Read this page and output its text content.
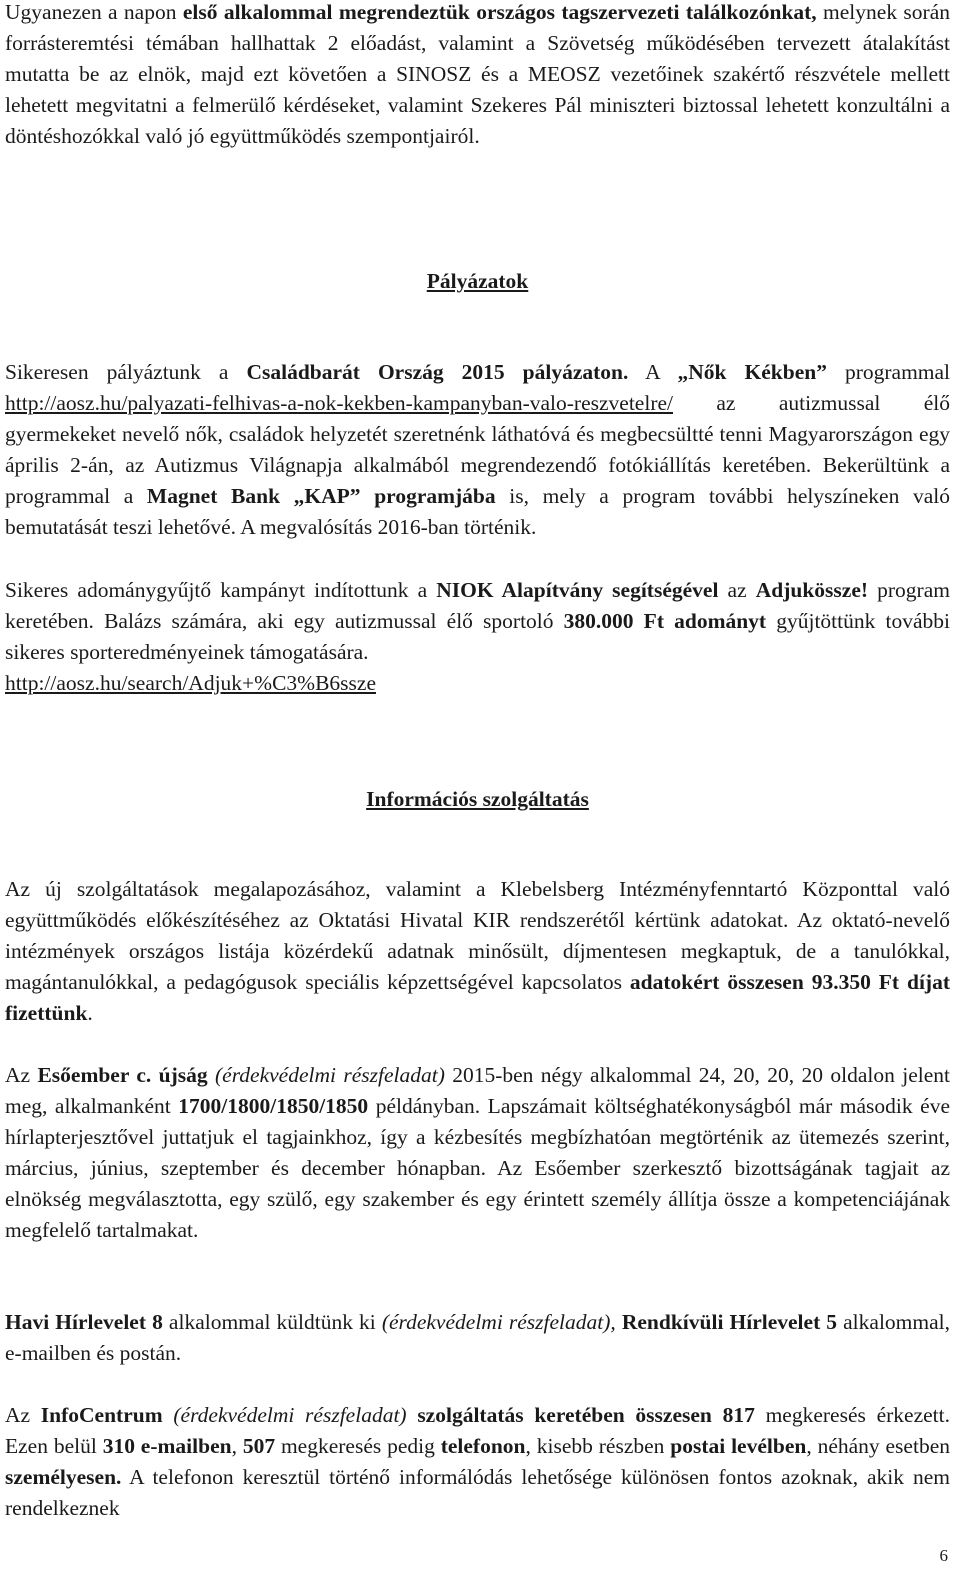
Ugyanezen a napon első alkalommal megrendeztük országos tagszervezeti találkozónkat, melynek során forrásteremtési témában hallhattak 2 előadást, valamint a Szövetség működésében tervezett átalakítást mutatta be az elnök, majd ezt követően a SINOSZ és a MEOSZ vezetőinek szakértő részvétele mellett lehetett megvitatni a felmerülő kérdéseket, valamint Szekeres Pál miniszteri biztossal lehetett konzultálni a döntéshozókkal való jó együttműködés szempontjairól.

Pályázatok

Sikeresen pályáztunk a Családbarát Ország 2015 pályázaton. A „Nők Kékben” programmal http://aosz.hu/palyazati-felhivas-a-nok-kekben-kampanyban-valo-reszvetelre/ az autizmussal élő gyermekeket nevelő nők, családok helyzetét szeretnénk láthatóvá és megbecsültté tenni Magyarországon egy április 2-án, az Autizmus Világnapja alkalmából megrendezendő fotókiállítás keretében. Bekerültünk a programmal a Magnet Bank „KAP” programjába is, mely a program további helyszíneken való bemutatását teszi lehetővé. A megvalósítás 2016-ban történik.

Sikeres adománygyűjtő kampányt indítottunk a NIOK Alapítvány segítségével az Adjukössze! program keretében. Balázs számára, aki egy autizmussal élő sportoló 380.000 Ft adományt gyűjtöttünk további sikeres sporteredményeinek támogatására.
http://aosz.hu/search/Adjuk+%C3%B6ssze

Információs szolgáltatás

Az új szolgáltatások megalapozásához, valamint a Klebelsberg Intézményfenntartó Központtal való együttműködés előkészítéséhez az Oktatási Hivatal KIR rendszerétől kértünk adatokat. Az oktató-nevelő intézmények országos listája közérdekű adatnak minősült, díjmentesen megkaptuk, de a tanulókkal, magántanulókkal, a pedagógusok speciális képzettségével kapcsolatos adatokért összesen 93.350 Ft díjat fizettünk.

Az Esőember c. újság (érdekvédelmi részfeladat) 2015-ben négy alkalommal 24, 20, 20, 20 oldalon jelent meg, alkalmanként 1700/1800/1850/1850 példányban. Lapszámait költséghatékonyságból már második éve hírlapterjesztővel juttatjuk el tagjainkhoz, így a kézbesítés megbízhatóan megtörténik az ütemezés szerint, március, június, szeptember és december hónapban. Az Esőember szerkesztő bizottságának tagjait az elnökség megválasztotta, egy szülő, egy szakember és egy érintett személy állítja össze a kompetenciájának megfelelő tartalmakat.

Havi Hírlevelet 8 alkalommal küldtünk ki (érdekvédelmi részfeladat), Rendkívüli Hírlevelet 5 alkalommal, e-mailben és postán.

Az InfoCentrum (érdekvédelmi részfeladat) szolgáltatás keretében összesen 817 megkeresés érkezett. Ezen belül 310 e-mailben, 507 megkeresés pedig telefonon, kisebb részben postai levélben, néhány esetben személyesen. A telefonon keresztül történő informálódás lehetősége különösen fontos azoknak, akik nem rendelkeznek

6
